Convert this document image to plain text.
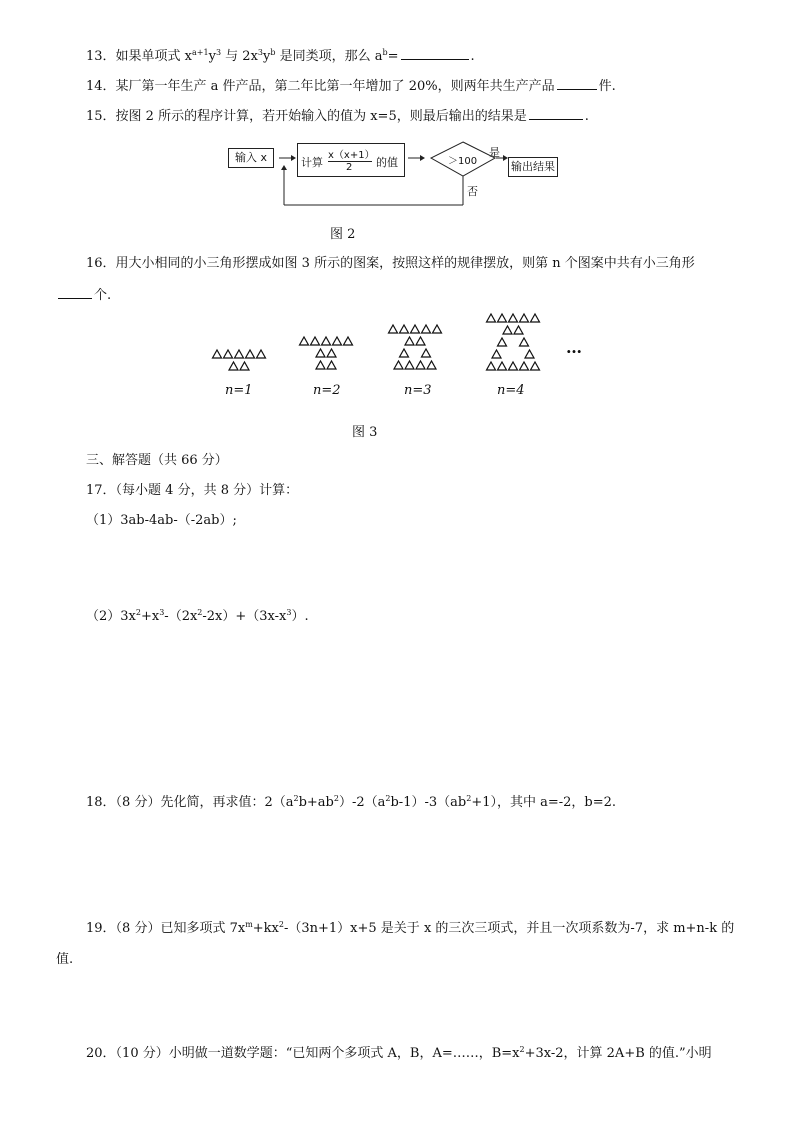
13．如果单项式 $x^{a+1}y^3$ 与 $2x^3y^b$ 是同类项，那么 $a^b=$	.
14．某厂第一年生产 a 件产品，第二年比第一年增加了 20%，则两年共生产产品	件.
15．按图 2 所示的程序计算，若开始输入的值为 x=5，则最后输出的结果是	.
输入 x	计算
x（x+1）
2 的值	＞100
是
否
输出结果
图 2
16．用大小相同的小三角形摆成如图 3 所示的图案，按照这样的规律摆放，则第 n 个图案中共有小三角形
个.
n=1	n=2	n=3	n=4
…
图 3
三、解答题（共 66 分）
17．（每小题 4 分，共 8 分）计算：
（1）3ab-4ab-（-2ab）;
$(2)3x^2+x^3-(2x^2-2x)+(3x-x^3)$.
18．（8 分）先化简，再求值：$2(a^2b+ab^2)-2(a^2b-1)-3(ab^2+1)$，其中 a=-2，b=2.
19．（8 分）已知多项式 $7x^m+kx^2-(3n+1)x+5$ 是关于 x 的三次三项式，并且一次项系数为-7，求 m+n-k 的
值.
20．（10 分）小明做一道数学题：“已知两个多项式 A，B，A=……，$B=x^2+3x-2$，计算 2A+B 的值.”小明
